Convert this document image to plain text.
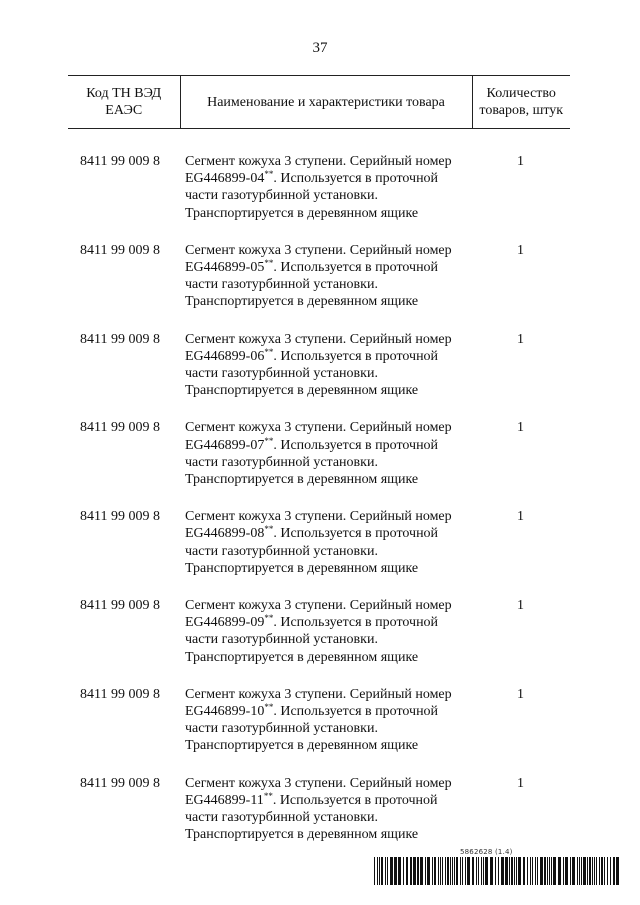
37
Код ТН ВЭД ЕАЭС	Наименование и характеристики товара	Количество товаров, штук
8411 99 009 8	Сегмент кожуха 3 ступени. Серийный номер EG446899-04**. Используется в проточной части газотурбинной установки. Транспортируется в деревянном ящике	1
8411 99 009 8	Сегмент кожуха 3 ступени. Серийный номер EG446899-05**. Используется в проточной части газотурбинной установки. Транспортируется в деревянном ящике	1
8411 99 009 8	Сегмент кожуха 3 ступени. Серийный номер EG446899-06**. Используется в проточной части газотурбинной установки. Транспортируется в деревянном ящике	1
8411 99 009 8	Сегмент кожуха 3 ступени. Серийный номер EG446899-07**. Используется в проточной части газотурбинной установки. Транспортируется в деревянном ящике	1
8411 99 009 8	Сегмент кожуха 3 ступени. Серийный номер EG446899-08**. Используется в проточной части газотурбинной установки. Транспортируется в деревянном ящике	1
8411 99 009 8	Сегмент кожуха 3 ступени. Серийный номер EG446899-09**. Используется в проточной части газотурбинной установки. Транспортируется в деревянном ящике	1
8411 99 009 8	Сегмент кожуха 3 ступени. Серийный номер EG446899-10**. Используется в проточной части газотурбинной установки. Транспортируется в деревянном ящике	1
8411 99 009 8	Сегмент кожуха 3 ступени. Серийный номер EG446899-11**. Используется в проточной части газотурбинной установки. Транспортируется в деревянном ящике	1
5862628 (1.4)
